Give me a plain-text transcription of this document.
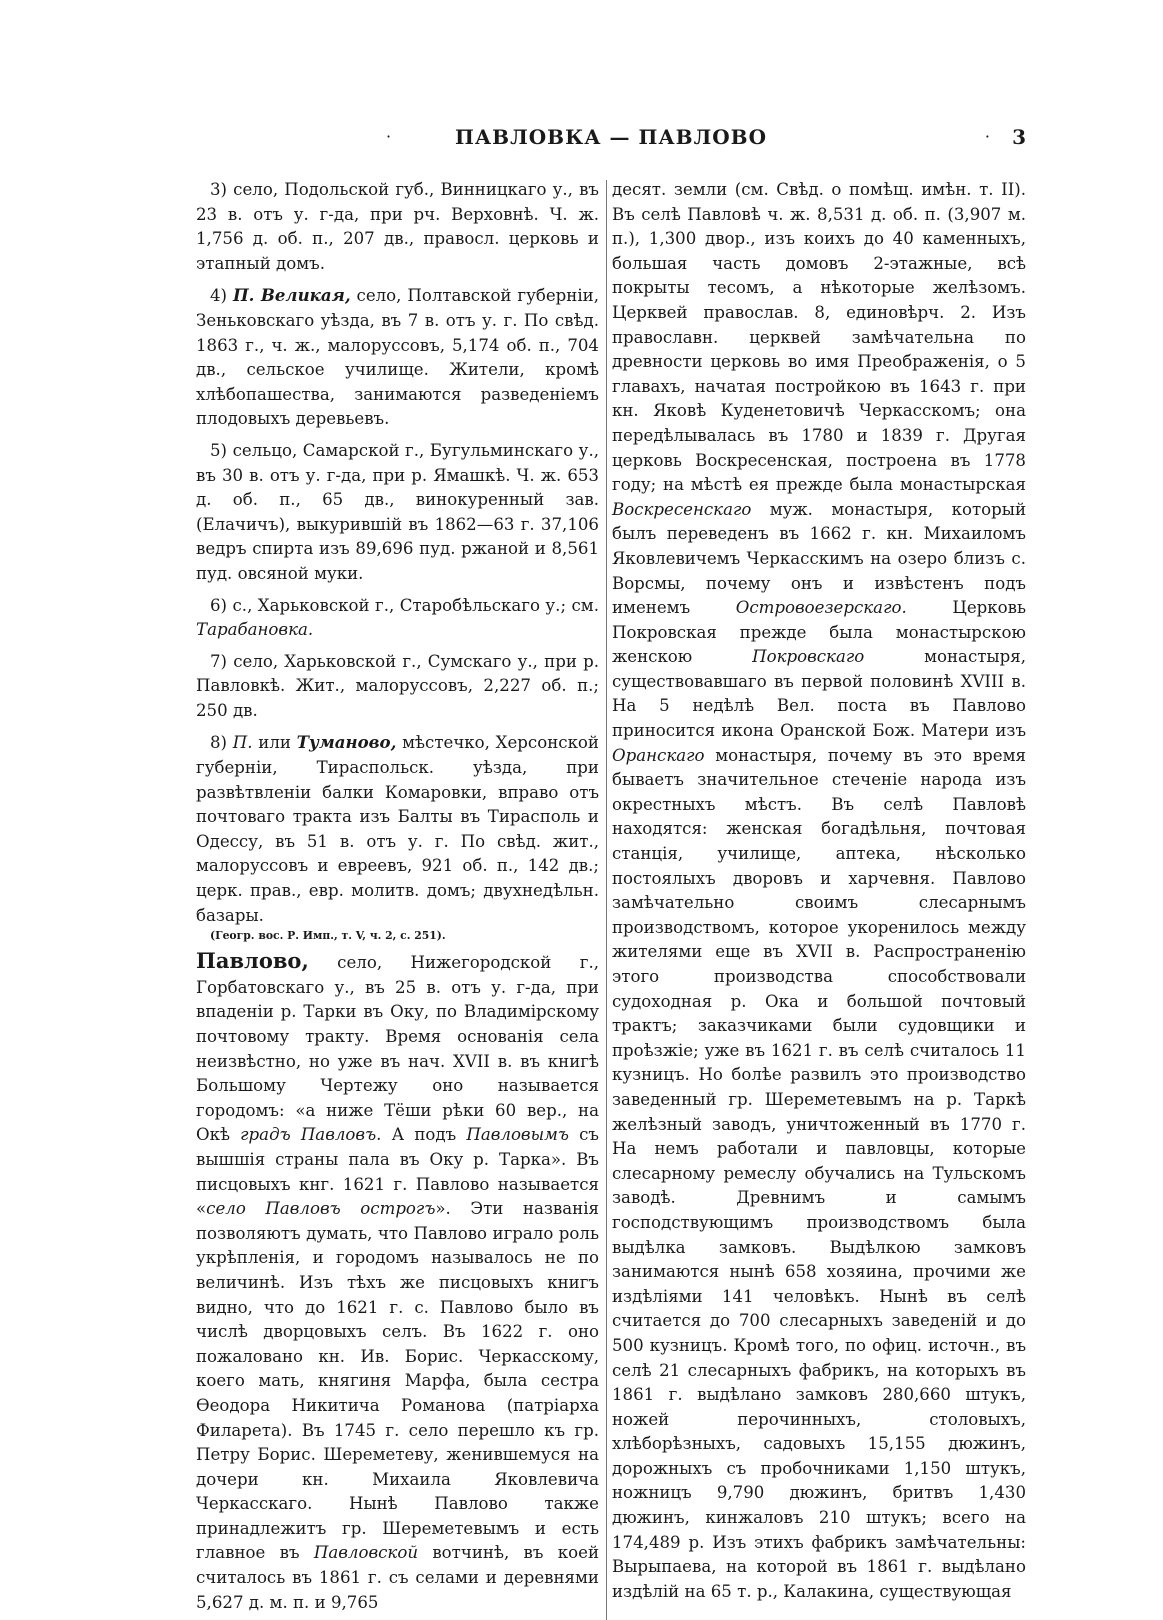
·	ПАВЛОВКА — ПАВЛОВО	· 3

3) село, Подольской губ., Винницкаго у., въ 23 в. отъ у. г-да, при рч. Верховнѣ. Ч. ж. 1,756 д. об. п., 207 дв., правосл. церковь и этапный домъ.

4) П. Великая, село, Полтавской губерніи, Зеньковскаго уѣзда, въ 7 в. отъ у. г. По свѣд. 1863 г., ч. ж., малоруссовъ, 5,174 об. п., 704 дв., сельское училище. Жители, кромѣ хлѣбопашества, занимаются разведеніемъ плодовыхъ деревьевъ.

5) сельцо, Самарской г., Бугульминскаго у., въ 30 в. отъ у. г-да, при р. Ямашкѣ. Ч. ж. 653 д. об. п., 65 дв., винокуренный зав. (Елачичъ), выкурившій въ 1862—63 г. 37,106 ведръ спирта изъ 89,696 пуд. ржаной и 8,561 пуд. овсяной муки.

6) с., Харьковской г., Старобѣльскаго у.; см. Тарабановка.

7) село, Харьковской г., Сумскаго у., при р. Павловкѣ. Жит., малоруссовъ, 2,227 об. п.; 250 дв.

8) П. или Туманово, мѣстечко, Херсонской губерніи, Тираспольск. уѣзда, при развѣтвленіи балки Комаровки, вправо отъ почтоваго тракта изъ Балты въ Тирасполь и Одессу, въ 51 в. отъ у. г. По свѣд. жит., малоруссовъ и евреевъ, 921 об. п., 142 дв.; церк. прав., евр. молитв. домъ; двухнедѣльн. базары.

(Геогр. вос. Р. Имп., т. V, ч. 2, с. 251).

Павлово, село, Нижегородской г., Горбатовскаго у., въ 25 в. отъ у. г-да, при впаденіи р. Тарки въ Оку, по Владимірскому почтовому тракту. Время основанія села неизвѣстно, но уже въ нач. XVII в. въ книгѣ Большому Чертежу оно называется городомъ: «а ниже Тёши рѣки 60 вер., на Окѣ градъ Павловъ. А подъ Павловымъ съ вышшія страны пала въ Оку р. Тарка». Въ писцовыхъ кнг. 1621 г. Павлово называется «село Павловъ острогъ». Эти названія позволяютъ думать, что Павлово играло роль укрѣпленія, и городомъ называлось не по величинѣ. Изъ тѣхъ же писцовыхъ книгъ видно, что до 1621 г. с. Павлово было въ числѣ дворцовыхъ селъ. Въ 1622 г. оно пожаловано кн. Ив. Борис. Черкасскому, коего мать, княгиня Марфа, была сестра Ѳеодора Никитича Романова (патріарха Филарета). Въ 1745 г. село перешло къ гр. Петру Борис. Шереметеву, женившемуся на дочери кн. Михаила Яковлевича Черкасскаго. Нынѣ Павлово также принадлежитъ гр. Шереметевымъ и есть главное въ Павловской вотчинѣ, въ коей считалось въ 1861 г. съ селами и деревнями 5,627 д. м. п. и 9,765

десят. земли (см. Свѣд. о помѣщ. имѣн. т. II). Въ селѣ Павловѣ ч. ж. 8,531 д. об. п. (3,907 м. п.), 1,300 двор., изъ коихъ до 40 каменныхъ, большая часть домовъ 2-этажные, всѣ покрыты тесомъ, а нѣкоторые желѣзомъ. Церквей православ. 8, единовѣрч. 2. Изъ православн. церквей замѣчательна по древности церковь во имя Преображенія, о 5 главахъ, начатая постройкою въ 1643 г. при кн. Яковѣ Куденетовичѣ Черкасскомъ; она передѣлывалась въ 1780 и 1839 г. Другая церковь Воскресенская, построена въ 1778 году; на мѣстѣ ея прежде была монастырская Воскресенскаго муж. монастыря, который былъ переведенъ въ 1662 г. кн. Михаиломъ Яковлевичемъ Черкасскимъ на озеро близъ с. Ворсмы, почему онъ и извѣстенъ подъ именемъ	Островоезерскаго.	Церковь Покровская прежде была монастырскою женскою	Покровскаго	монастыря, существовавшаго въ первой половинѣ XVIII в. На 5 недѣлѣ Вел. поста въ Павлово приносится икона Оранской Бож. Матери изъ Оранскаго монастыря, почему въ это время бываетъ значительное стеченіе народа изъ окрестныхъ мѣстъ. Въ селѣ Павловѣ находятся: женская богадѣльня, почтовая станція, училище, аптека, нѣсколько постоялыхъ дворовъ и харчевня. Павлово замѣчательно своимъ слесарнымъ производствомъ, которое укоренилось между жителями еще въ XVII в. Распространенію этого производства способствовали судоходная р. Ока и большой почтовый трактъ; заказчиками были судовщики и проѣзжіе; уже въ 1621 г. въ селѣ считалось 11 кузницъ. Но болѣе развилъ это производство заведенный гр. Шереметевымъ на р. Таркѣ желѣзный заводъ, уничтоженный въ 1770 г. На немъ работали и павловцы, которые слесарному ремеслу обучались на Тульскомъ заводѣ. Древнимъ и самымъ господствующимъ производствомъ была выдѣлка замковъ. Выдѣлкою замковъ занимаются нынѣ 658 хозяина, прочими же издѣліями 141 человѣкъ. Нынѣ въ селѣ считается до 700 слесарныхъ заведеній и до 500 кузницъ. Кромѣ того, по офиц. источн., въ селѣ 21 слесарныхъ фабрикъ, на которыхъ въ 1861 г. выдѣлано замковъ 280,660 штукъ, ножей перочинныхъ, столовыхъ, хлѣборѣзныхъ, садовыхъ 15,155 дюжинъ, дорожныхъ съ пробочниками 1,150 штукъ, ножницъ 9,790 дюжинъ, бритвъ 1,430 дюжинъ, кинжаловъ 210 штукъ; всего на 174,489 р. Изъ этихъ фабрикъ замѣчательны: Вырыпаева, на которой въ 1861 г. выдѣлано издѣлій на 65 т. р., Калакина, существующая
